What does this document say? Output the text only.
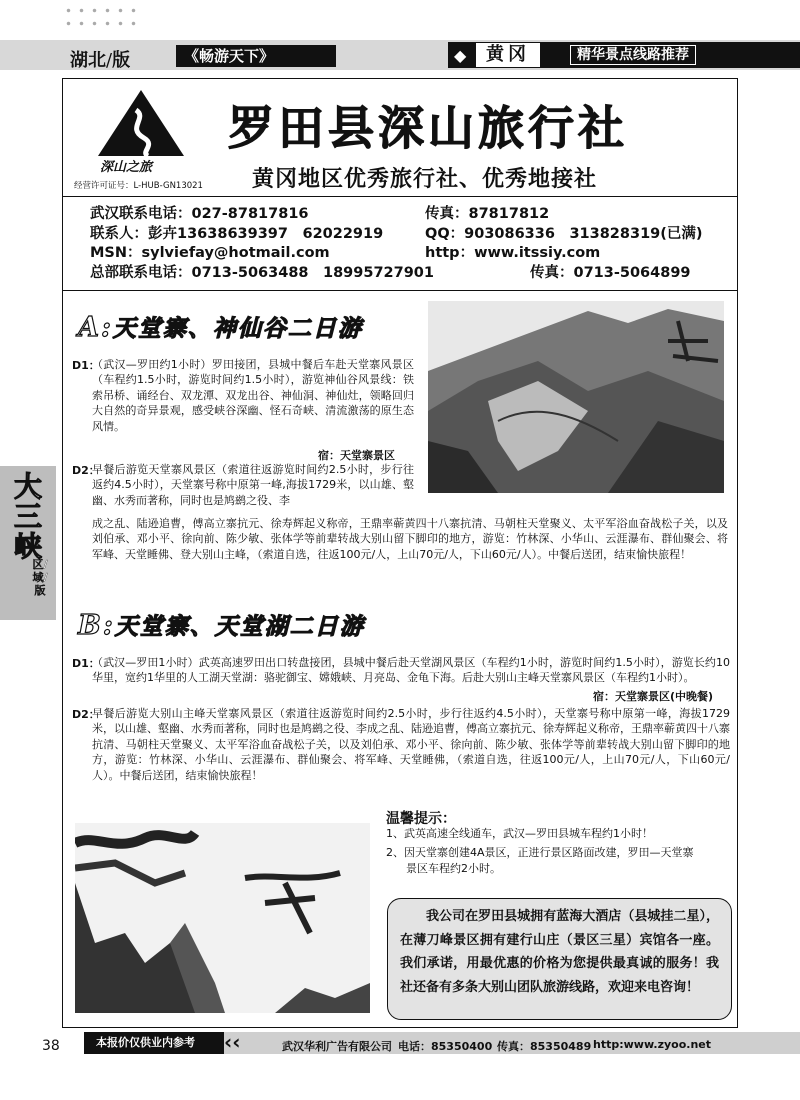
湖北/版	《畅游天下》	◆	黄冈	精华景点线路推荐
深山之旅
经营许可证号：L-HUB-GN13021
罗田县深山旅行社
黄冈地区优秀旅行社、优秀地接社
武汉联系电话：027-87817816	传真：87817812
联系人：彭卉13638639397　62022919	QQ：903086336　313828319(已满)
MSN：sylviefay@hotmail.com	http：www.itssiy.com
总部联系电话：0713-5063488　18995727901	传真：0713-5064899
A:天堂寨、神仙谷二日游
D1：
（武汉—罗田约1小时）罗田接团，县城中餐后车赴天堂寨风景区（车程约1.5小时，游览时间约1.5小时），游览神仙谷风景线：铁索吊桥、诵经台、双龙潭、双龙出谷、神仙洞、神仙灶，领略回归大自然的奇异景观，感受峡谷深幽、怪石奇峡、清流激荡的原生态风情。
宿：天堂寨景区
D2：
早餐后游览天堂寨风景区（索道往返游览时间约2.5小时，步行往返约4.5小时），天堂寨号称中原第一峰,海拔1729米，以山雄、壑幽、水秀而著称，同时也是鸠鹚之役、李
成之乱、陆逊追曹，傅高立寨抗元、徐寿辉起义称帝，王鼎率蕲黄四十八寨抗清、马朝柱天堂聚义、太平军浴血奋战松子关，以及刘伯承、邓小平、徐向前、陈少敏、张体学等前辈转战大别山留下脚印的地方，游览：竹林深、小华山、云涯瀑布、群仙聚会、将军峰、天堂睡佛、登大别山主峰，（索道自选，往返100元/人，上山70元/人，下山60元/人）。中餐后送团，结束愉快旅程！
B:天堂寨、天堂湖二日游
D1：
（武汉—罗田1小时）武英高速罗田出口转盘接团，县城中餐后赴天堂湖风景区（车程约1小时，游览时间约1.5小时），游览长约10华里，宽约1华里的人工湖天堂湖：骆驼御宝、嫦娥峡、月亮岛、金龟下海。后赴大别山主峰天堂寨风景区（车程约1小时）。
宿：天堂寨景区(中晚餐)
D2：
早餐后游览大别山主峰天堂寨风景区（索道往返游览时间约2.5小时，步行往返约4.5小时），天堂寨号称中原第一峰，海拔1729米，以山雄、壑幽、水秀而著称，同时也是鸠鹚之役、李成之乱、陆逊追曹，傅高立寨抗元、徐寿辉起义称帝，王鼎率蕲黄四十八寨抗清、马朝柱天堂聚义、太平军浴血奋战松子关，以及刘伯承、邓小平、徐向前、陈少敏、张体学等前辈转战大别山留下脚印的地方，游览：竹林深、小华山、云涯瀑布、群仙聚会、将军峰、天堂睡佛，（索道自选，往返100元/人，上山70元/人，下山60元/人）。中餐后送团，结束愉快旅程！
大三峡
区/域/版
温馨提示：
1、武英高速全线通车，武汉—罗田县城车程约1小时！
2、因天堂寨创建4A景区，正进行景区路面改建，罗田—天堂寨
景区车程约2小时。
我公司在罗田县城拥有蓝海大酒店（县城挂二星），在薄刀峰景区拥有建行山庄（景区三星）宾馆各一座。我们承诺，用最优惠的价格为您提供最真诚的服务！我社还备有多条大别山团队旅游线路，欢迎来电咨询！
38	本报价仅供业内参考	‹‹	武汉华利广告有限公司 电话：85350400 传真：85350489 http:www.zyoo.net
